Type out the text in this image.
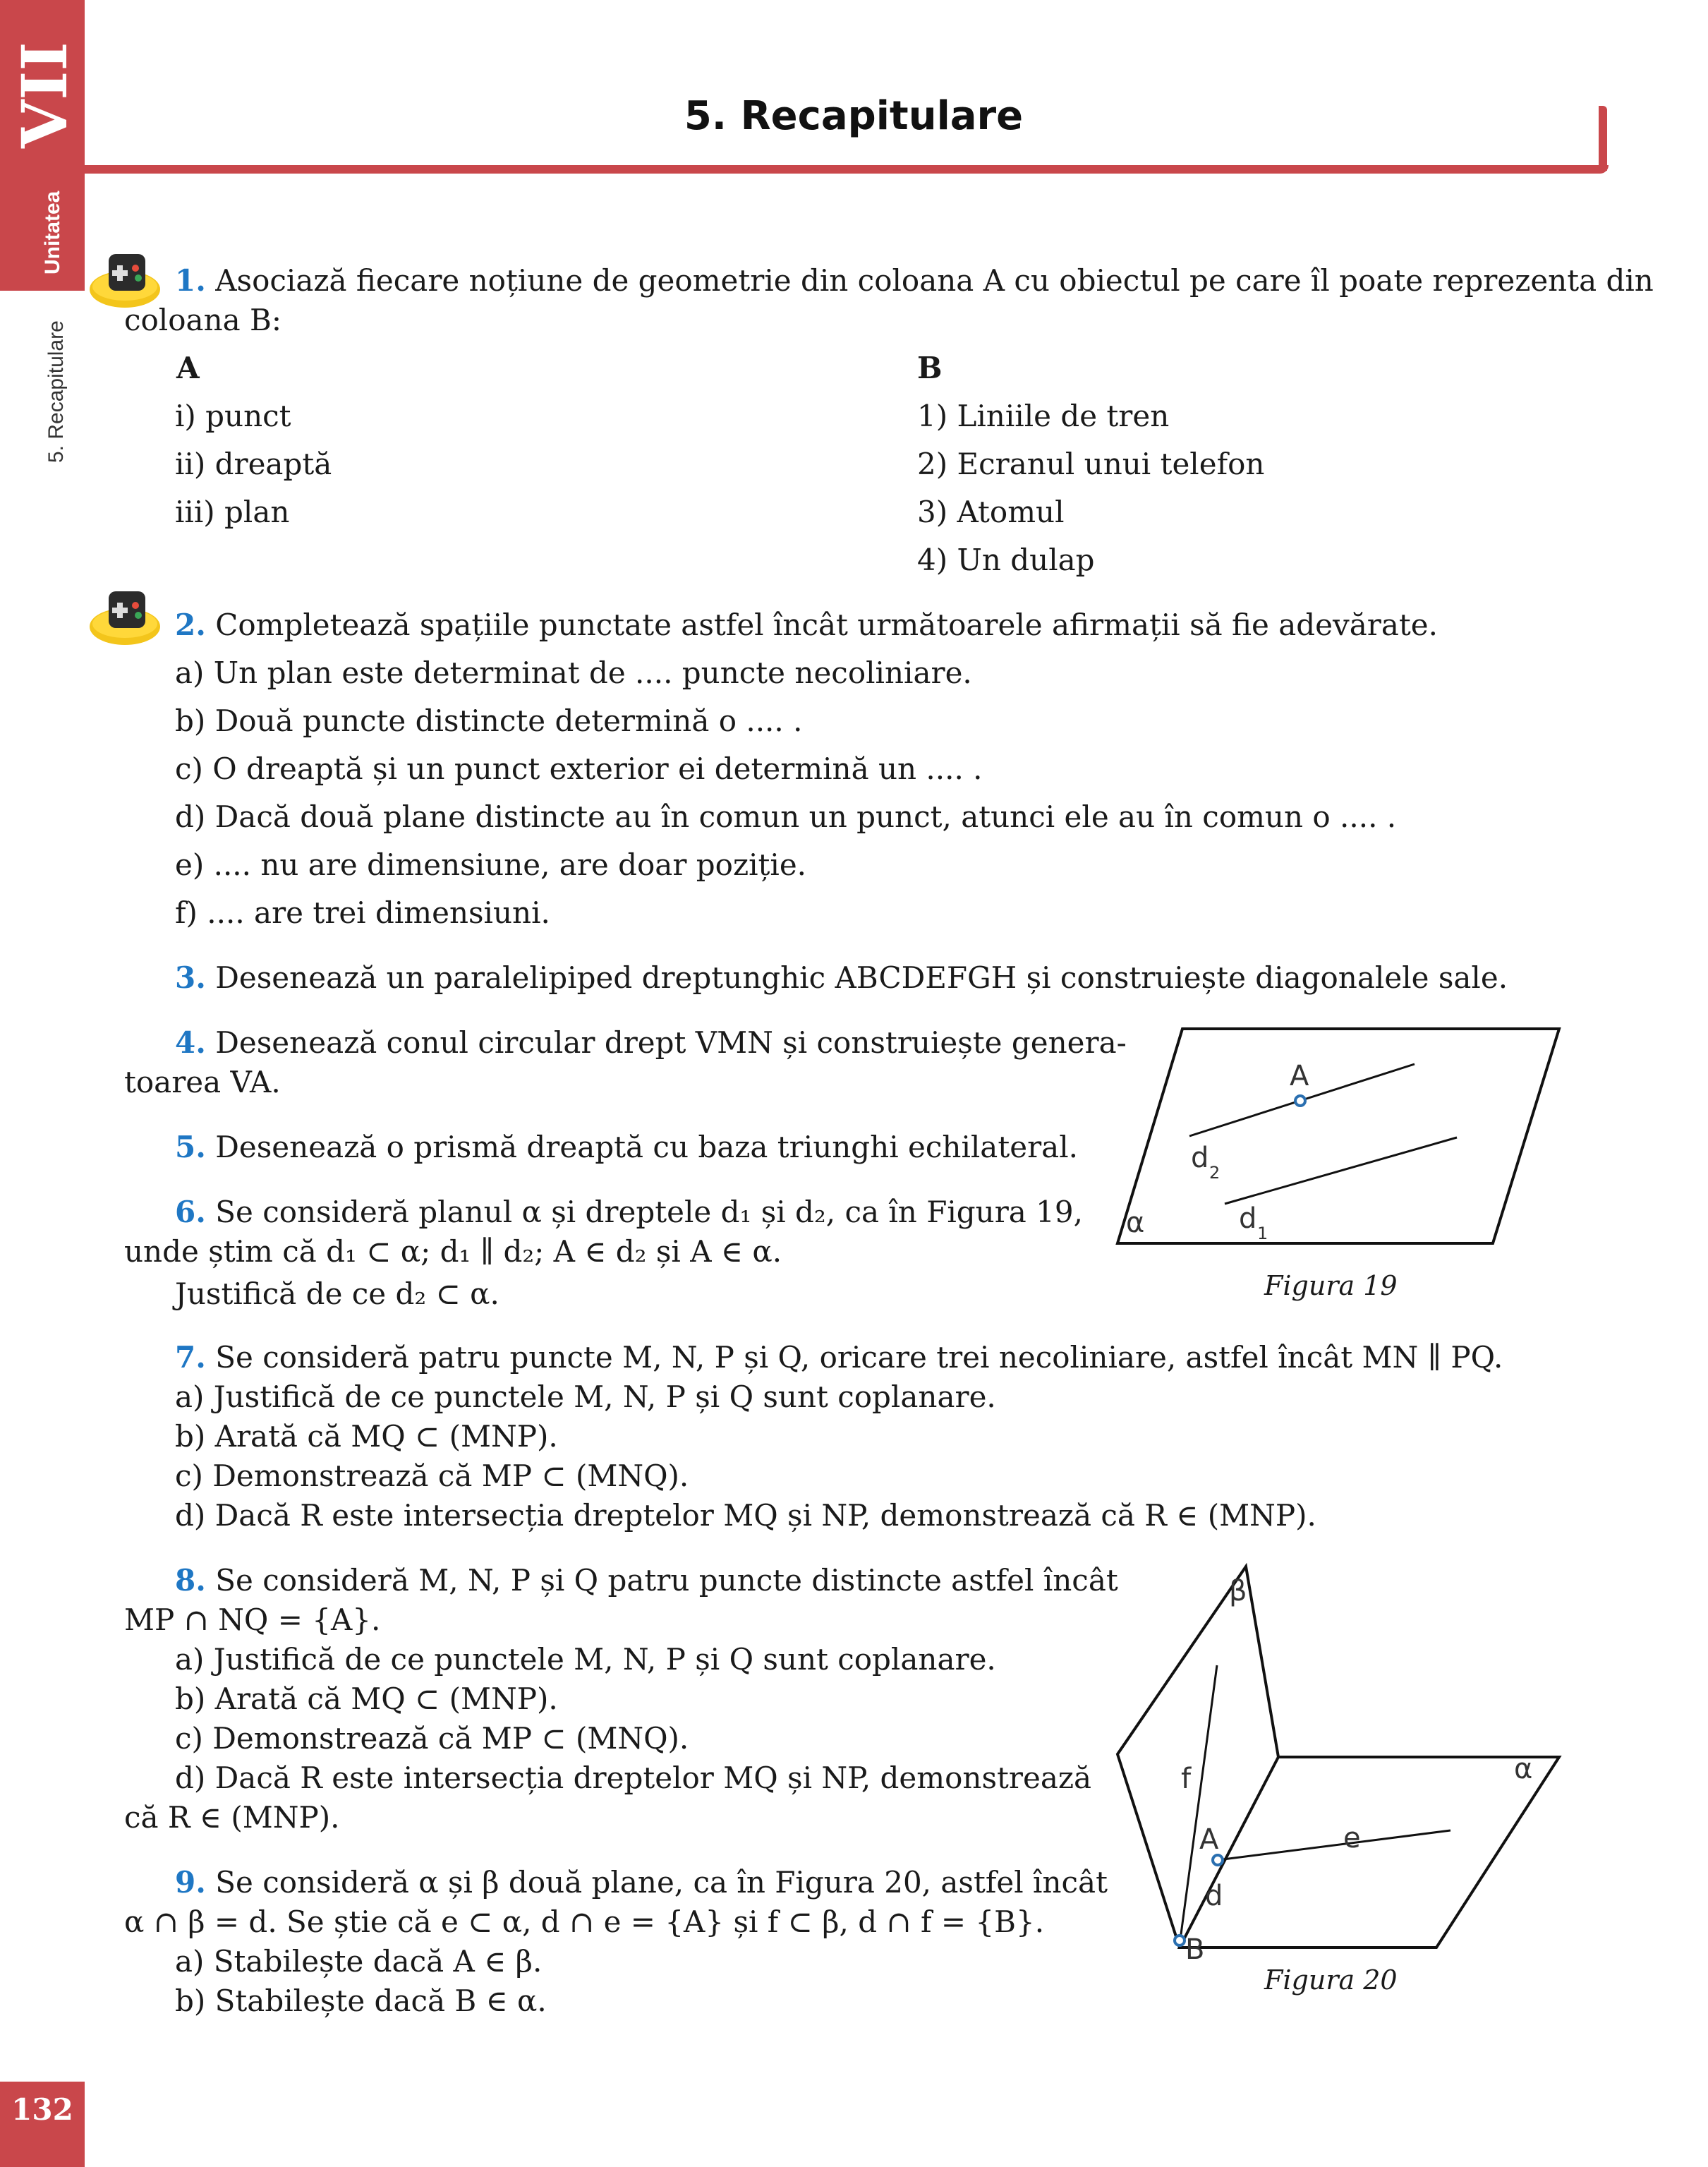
VII
Unitatea
5. Recapitulare
132
5. Recapitulare
1. Asociază fiecare noțiune de geometrie din coloana A cu obiectul pe care îl poate reprezenta din
coloana B:
A	B
i) punct
ii) dreaptă
iii) plan
1) Liniile de tren
2) Ecranul unui telefon
3) Atomul
4) Un dulap
2. Completează spațiile punctate astfel încât următoarele afirmații să fie adevărate.
a) Un plan este determinat de .... puncte necoliniare.
b) Două puncte distincte determină o .... .
c) O dreaptă și un punct exterior ei determină un .... .
d) Dacă două plane distincte au în comun un punct, atunci ele au în comun o .... .
e) .... nu are dimensiune, are doar poziție.
f) .... are trei dimensiuni.
3. Desenează un paralelipiped dreptunghic ABCDEFGH și construiește diagonalele sale.
4. Desenează conul circular drept VMN și construiește genera-
toarea VA.
5. Desenează o prismă dreaptă cu baza triunghi echilateral.
6. Se consideră planul α și dreptele d₁ și d₂, ca în Figura 19,
unde știm că d₁ ⊂ α; d₁ ∥ d₂; A ∈ d₂ și A ∈ α.
Justifică de ce d₂ ⊂ α.
A
d 2
d 1
α
Figura 19
7. Se consideră patru puncte M, N, P și Q, oricare trei necoliniare, astfel încât MN ∥ PQ.
a) Justifică de ce punctele M, N, P și Q sunt coplanare.
b) Arată că MQ ⊂ (MNP).
c) Demonstrează că MP ⊂ (MNQ).
d) Dacă R este intersecția dreptelor MQ și NP, demonstrează că R ∈ (MNP).
8. Se consideră M, N, P și Q patru puncte distincte astfel încât
MP ∩ NQ = {A}.
a) Justifică de ce punctele M, N, P și Q sunt coplanare.
b) Arată că MQ ⊂ (MNP).
c) Demonstrează că MP ⊂ (MNQ).
d) Dacă R este intersecția dreptelor MQ și NP, demonstrează
că R ∈ (MNP).
9. Se consideră α și β două plane, ca în Figura 20, astfel încât
α ∩ β = d. Se știe că e ⊂ α, d ∩ e = {A} și f ⊂ β, d ∩ f = {B}.
a) Stabilește dacă A ∈ β.
b) Stabilește dacă B ∈ α.
β
α
f
A	e
d
B
Figura 20
